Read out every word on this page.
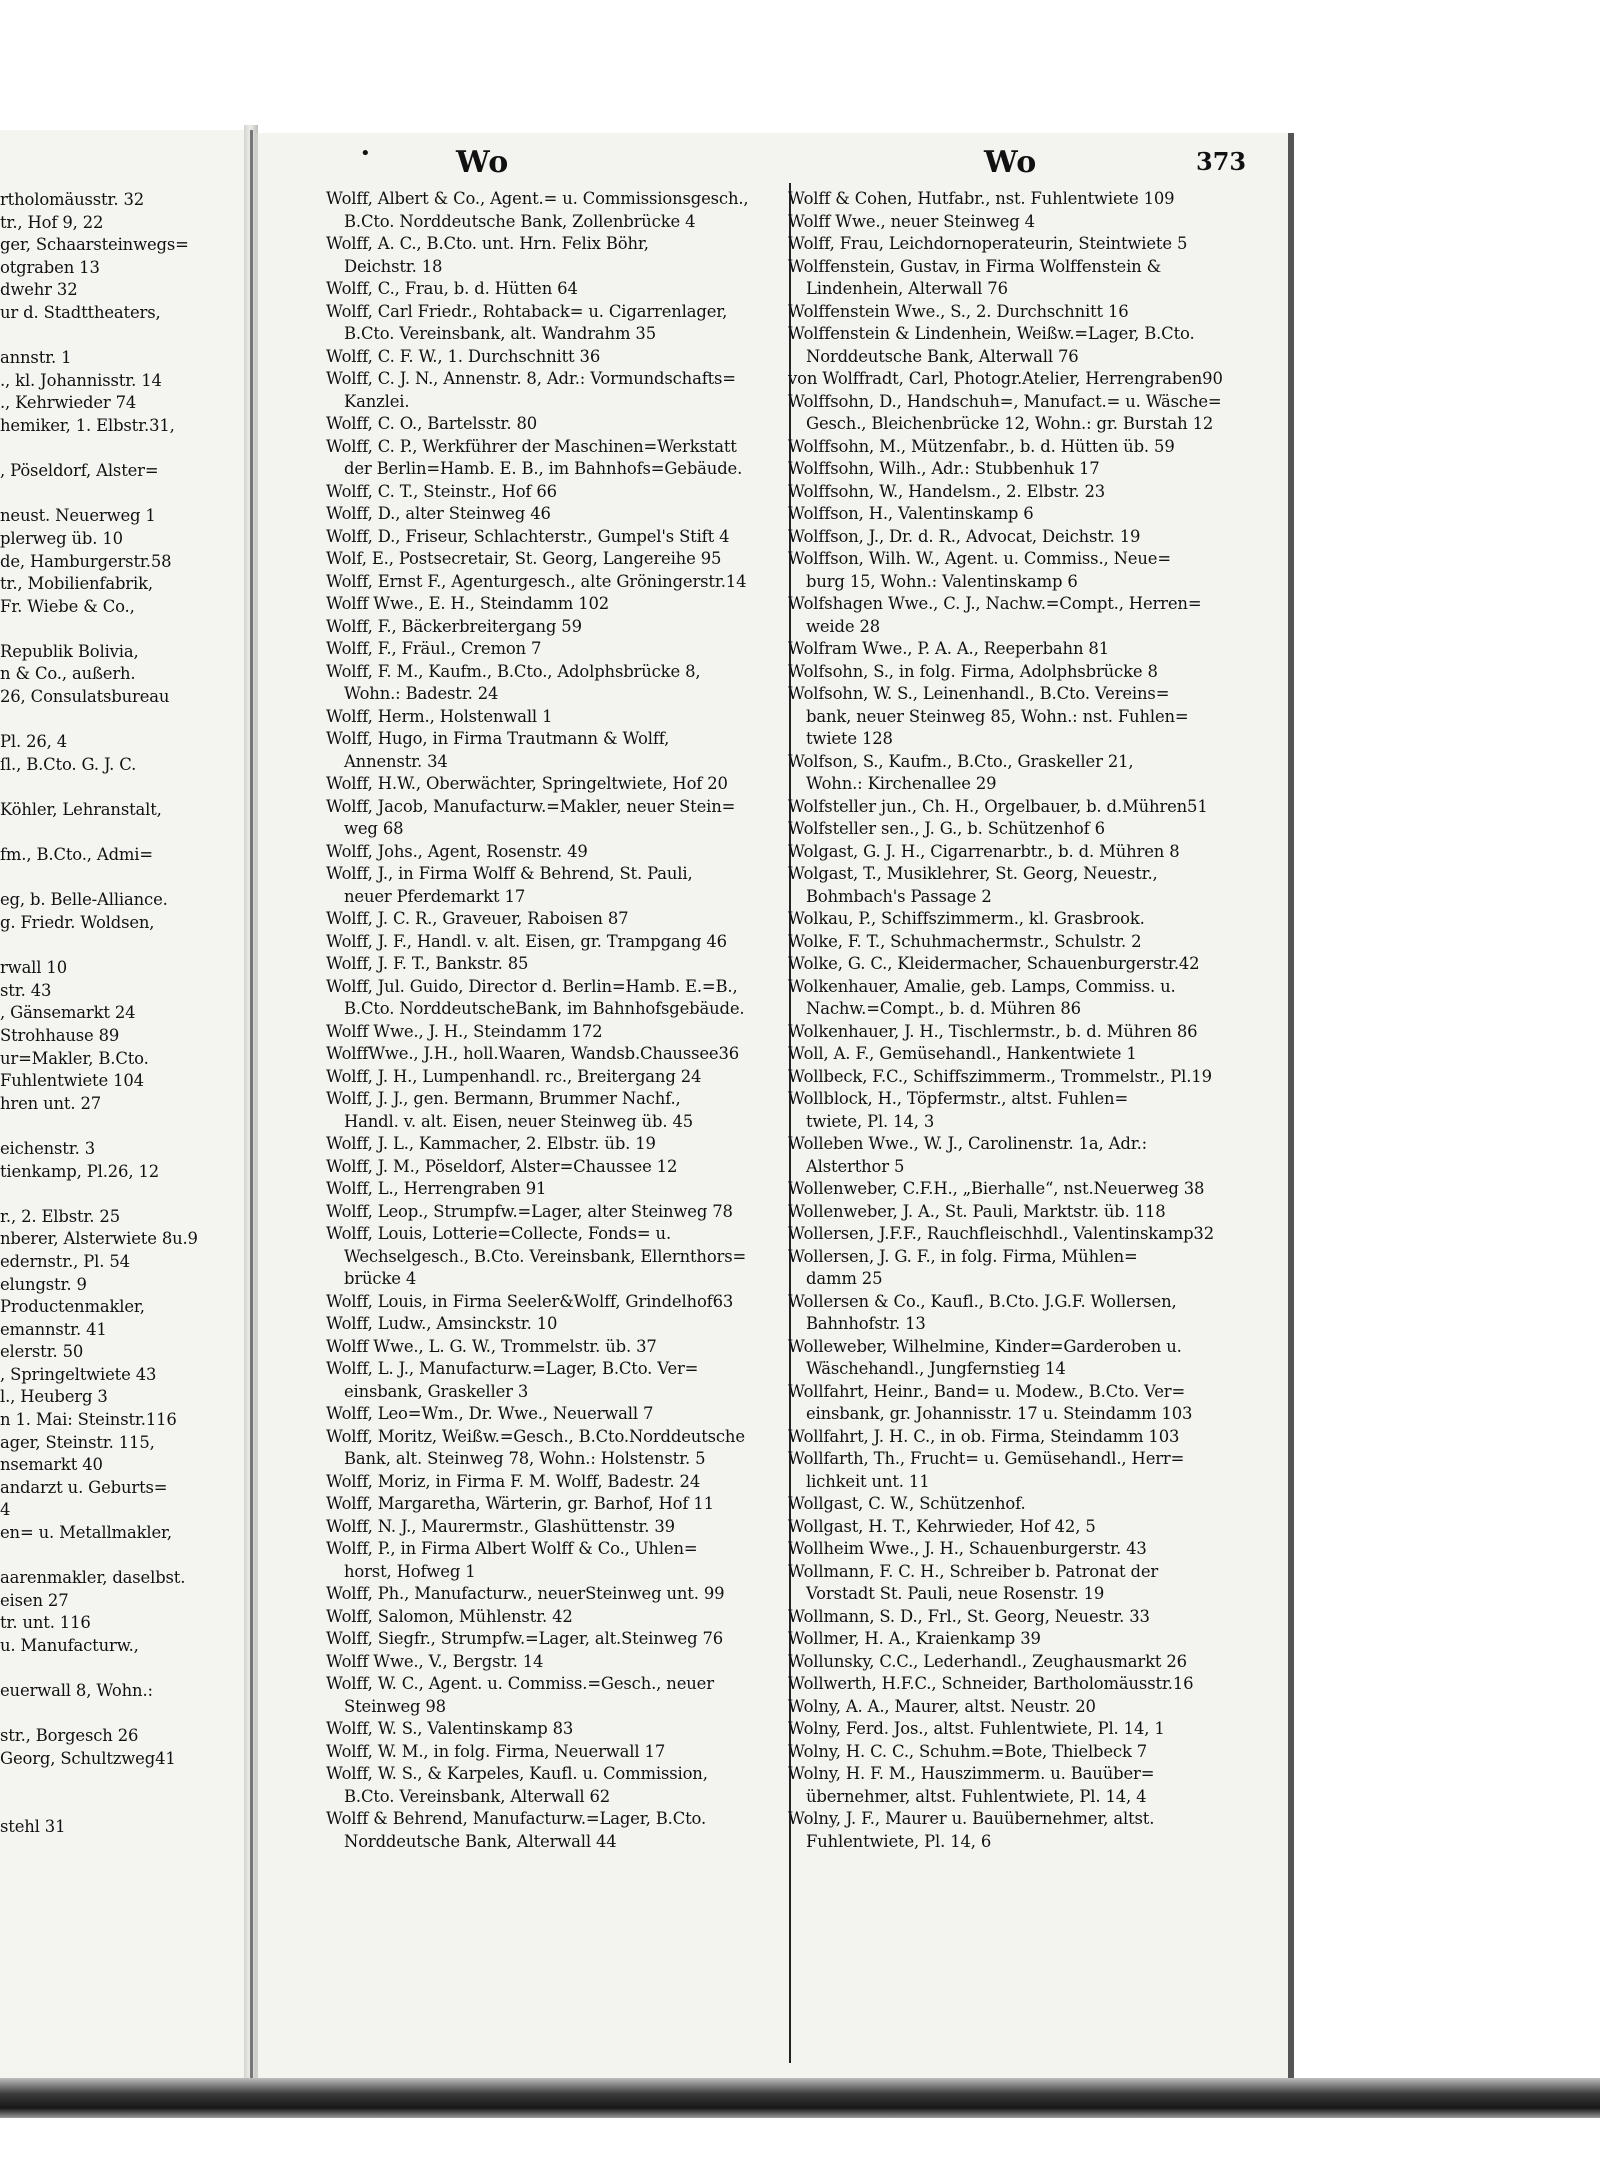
rtholomäusstr. 32
tr., Hof 9, 22
ger, Schaarsteinwegs=
otgraben 13
dwehr 32
ur d. Stadttheaters,
annstr. 1
., kl. Johannisstr. 14
., Kehrwieder 74
hemiker, 1. Elbstr.31,
, Pöseldorf, Alster=
neust. Neuerweg 1
plerweg üb. 10
de, Hamburgerstr.58
tr., Mobilienfabrik,
Fr. Wiebe & Co.,
Republik Bolivia,
n & Co., außerh.
26, Consulatsbureau
Pl. 26, 4
ſl., B.Cto. G. J. C.
Köhler, Lehranstalt,
fm., B.Cto., Admi=
eg, b. Belle-Alliance.
g. Friedr. Woldsen,
rwall 10
str. 43
, Gänsemarkt 24
Strohhause 89
ur=Makler, B.Cto.
Fuhlentwiete 104
hren unt. 27
eichenstr. 3
tienkamp, Pl.26, 12
r., 2. Elbstr. 25
nberer, Alsterwiete 8u.9
edernstr., Pl. 54
elungstr. 9
Productenmakler,
emannstr. 41
elerstr. 50
, Springeltwiete 43
l., Heuberg 3
n 1. Mai: Steinstr.116
ager, Steinstr. 115,
nsemarkt 40
andarzt u. Geburts=
4
en= u. Metallmakler,
aarenmakler, daselbst.
eisen 27
tr. unt. 116
u. Manufacturw.,
euerwall 8, Wohn.:
str., Borgesch 26
Georg, Schultzweg41
stehl 31
•	Wo	Wo	373
Wolff, Albert & Co., Agent.= u. Commissionsgesch.,
B.Cto. Norddeutsche Bank, Zollenbrücke 4
Wolff, A. C., B.Cto. unt. Hrn. Felix Böhr,
Deichstr. 18
Wolff, C., Frau, b. d. Hütten 64
Wolff, Carl Friedr., Rohtaback= u. Cigarrenlager,
B.Cto. Vereinsbank, alt. Wandrahm 35
Wolff, C. F. W., 1. Durchschnitt 36
Wolff, C. J. N., Annenstr. 8, Adr.: Vormundschafts=
Kanzlei.
Wolff, C. O., Bartelsstr. 80
Wolff, C. P., Werkführer der Maschinen=Werkstatt
der Berlin=Hamb. E. B., im Bahnhofs=Gebäude.
Wolff, C. T., Steinstr., Hof 66
Wolff, D., alter Steinweg 46
Wolff, D., Friseur, Schlachterstr., Gumpel's Stift 4
Wolf, E., Postsecretair, St. Georg, Langereihe 95
Wolff, Ernst F., Agenturgesch., alte Gröningerstr.14
Wolff Wwe., E. H., Steindamm 102
Wolff, F., Bäckerbreitergang 59
Wolff, F., Fräul., Cremon 7
Wolff, F. M., Kaufm., B.Cto., Adolphsbrücke 8,
Wohn.: Badestr. 24
Wolff, Herm., Holstenwall 1
Wolff, Hugo, in Firma Trautmann & Wolff,
Annenstr. 34
Wolff, H.W., Oberwächter, Springeltwiete, Hof 20
Wolff, Jacob, Manufacturw.=Makler, neuer Stein=
weg 68
Wolff, Johs., Agent, Rosenstr. 49
Wolff, J., in Firma Wolff & Behrend, St. Pauli,
neuer Pferdemarkt 17
Wolff, J. C. R., Graveuer, Raboisen 87
Wolff, J. F., Handl. v. alt. Eisen, gr. Trampgang 46
Wolff, J. F. T., Bankstr. 85
Wolff, Jul. Guido, Director d. Berlin=Hamb. E.=B.,
B.Cto. NorddeutscheBank, im Bahnhofsgebäude.
Wolff Wwe., J. H., Steindamm 172
WolffWwe., J.H., holl.Waaren, Wandsb.Chaussee36
Wolff, J. H., Lumpenhandl. rc., Breitergang 24
Wolff, J. J., gen. Bermann, Brummer Nachf.,
Handl. v. alt. Eisen, neuer Steinweg üb. 45
Wolff, J. L., Kammacher, 2. Elbstr. üb. 19
Wolff, J. M., Pöseldorf, Alster=Chaussee 12
Wolff, L., Herrengraben 91
Wolff, Leop., Strumpfw.=Lager, alter Steinweg 78
Wolff, Louis, Lotterie=Collecte, Fonds= u.
Wechselgesch., B.Cto. Vereinsbank, Ellernthors=
brücke 4
Wolff, Louis, in Firma Seeler&Wolff, Grindelhof63
Wolff, Ludw., Amsinckstr. 10
Wolff Wwe., L. G. W., Trommelstr. üb. 37
Wolff, L. J., Manufacturw.=Lager, B.Cto. Ver=
einsbank, Graskeller 3
Wolff, Leo=Wm., Dr. Wwe., Neuerwall 7
Wolff, Moritz, Weißw.=Gesch., B.Cto.Norddeutsche
Bank, alt. Steinweg 78, Wohn.: Holstenstr. 5
Wolff, Moriz, in Firma F. M. Wolff, Badestr. 24
Wolff, Margaretha, Wärterin, gr. Barhof, Hof 11
Wolff, N. J., Maurermstr., Glashüttenstr. 39
Wolff, P., in Firma Albert Wolff & Co., Uhlen=
horst, Hofweg 1
Wolff, Ph., Manufacturw., neuerSteinweg unt. 99
Wolff, Salomon, Mühlenstr. 42
Wolff, Siegfr., Strumpfw.=Lager, alt.Steinweg 76
Wolff Wwe., V., Bergstr. 14
Wolff, W. C., Agent. u. Commiss.=Gesch., neuer
Steinweg 98
Wolff, W. S., Valentinskamp 83
Wolff, W. M., in folg. Firma, Neuerwall 17
Wolff, W. S., & Karpeles, Kaufl. u. Commission,
B.Cto. Vereinsbank, Alterwall 62
Wolff & Behrend, Manufacturw.=Lager, B.Cto.
Norddeutsche Bank, Alterwall 44
Wolff & Cohen, Hutfabr., nst. Fuhlentwiete 109
Wolff Wwe., neuer Steinweg 4
Wolff, Frau, Leichdornoperateurin, Steintwiete 5
Wolffenstein, Gustav, in Firma Wolffenstein &
Lindenhein, Alterwall 76
Wolffenstein Wwe., S., 2. Durchschnitt 16
Wolffenstein & Lindenhein, Weißw.=Lager, B.Cto.
Norddeutsche Bank, Alterwall 76
von Wolffradt, Carl, Photogr.Atelier, Herrengraben90
Wolffsohn, D., Handschuh=, Manufact.= u. Wäsche=
Gesch., Bleichenbrücke 12, Wohn.: gr. Burstah 12
Wolffsohn, M., Mützenfabr., b. d. Hütten üb. 59
Wolffsohn, Wilh., Adr.: Stubbenhuk 17
Wolffsohn, W., Handelsm., 2. Elbstr. 23
Wolffson, H., Valentinskamp 6
Wolffson, J., Dr. d. R., Advocat, Deichstr. 19
Wolffson, Wilh. W., Agent. u. Commiss., Neue=
burg 15, Wohn.: Valentinskamp 6
Wolfshagen Wwe., C. J., Nachw.=Compt., Herren=
weide 28
Wolfram Wwe., P. A. A., Reeperbahn 81
Wolfsohn, S., in folg. Firma, Adolphsbrücke 8
Wolfsohn, W. S., Leinenhandl., B.Cto. Vereins=
bank, neuer Steinweg 85, Wohn.: nst. Fuhlen=
twiete 128
Wolfson, S., Kaufm., B.Cto., Graskeller 21,
Wohn.: Kirchenallee 29
Wolfsteller jun., Ch. H., Orgelbauer, b. d.Mühren51
Wolfsteller sen., J. G., b. Schützenhof 6
Wolgast, G. J. H., Cigarrenarbtr., b. d. Mühren 8
Wolgast, T., Musiklehrer, St. Georg, Neuestr.,
Bohmbach's Passage 2
Wolkau, P., Schiffszimmerm., kl. Grasbrook.
Wolke, F. T., Schuhmachermstr., Schulstr. 2
Wolke, G. C., Kleidermacher, Schauenburgerstr.42
Wolkenhauer, Amalie, geb. Lamps, Commiss. u.
Nachw.=Compt., b. d. Mühren 86
Wolkenhauer, J. H., Tischlermstr., b. d. Mühren 86
Woll, A. F., Gemüsehandl., Hankentwiete 1
Wollbeck, F.C., Schiffszimmerm., Trommelstr., Pl.19
Wollblock, H., Töpfermstr., altst. Fuhlen=
twiete, Pl. 14, 3
Wolleben Wwe., W. J., Carolinenstr. 1a, Adr.:
Alsterthor 5
Wollenweber, C.F.H., „Bierhalle“, nst.Neuerweg 38
Wollenweber, J. A., St. Pauli, Marktstr. üb. 118
Wollersen, J.F.F., Rauchfleischhdl., Valentinskamp32
Wollersen, J. G. F., in folg. Firma, Mühlen=
damm 25
Wollersen & Co., Kaufl., B.Cto. J.G.F. Wollersen,
Bahnhofstr. 13
Wolleweber, Wilhelmine, Kinder=Garderoben u.
Wäschehandl., Jungfernstieg 14
Wollfahrt, Heinr., Band= u. Modew., B.Cto. Ver=
einsbank, gr. Johannisstr. 17 u. Steindamm 103
Wollfahrt, J. H. C., in ob. Firma, Steindamm 103
Wollfarth, Th., Frucht= u. Gemüsehandl., Herr=
lichkeit unt. 11
Wollgast, C. W., Schützenhof.
Wollgast, H. T., Kehrwieder, Hof 42, 5
Wollheim Wwe., J. H., Schauenburgerstr. 43
Wollmann, F. C. H., Schreiber b. Patronat der
Vorstadt St. Pauli, neue Rosenstr. 19
Wollmann, S. D., Frl., St. Georg, Neuestr. 33
Wollmer, H. A., Kraienkamp 39
Wollunsky, C.C., Lederhandl., Zeughausmarkt 26
Wollwerth, H.F.C., Schneider, Bartholomäusstr.16
Wolny, A. A., Maurer, altst. Neustr. 20
Wolny, Ferd. Jos., altst. Fuhlentwiete, Pl. 14, 1
Wolny, H. C. C., Schuhm.=Bote, Thielbeck 7
Wolny, H. F. M., Hauszimmerm. u. Bauüber=
übernehmer, altst. Fuhlentwiete, Pl. 14, 4
Wolny, J. F., Maurer u. Bauübernehmer, altst.
Fuhlentwiete, Pl. 14, 6
